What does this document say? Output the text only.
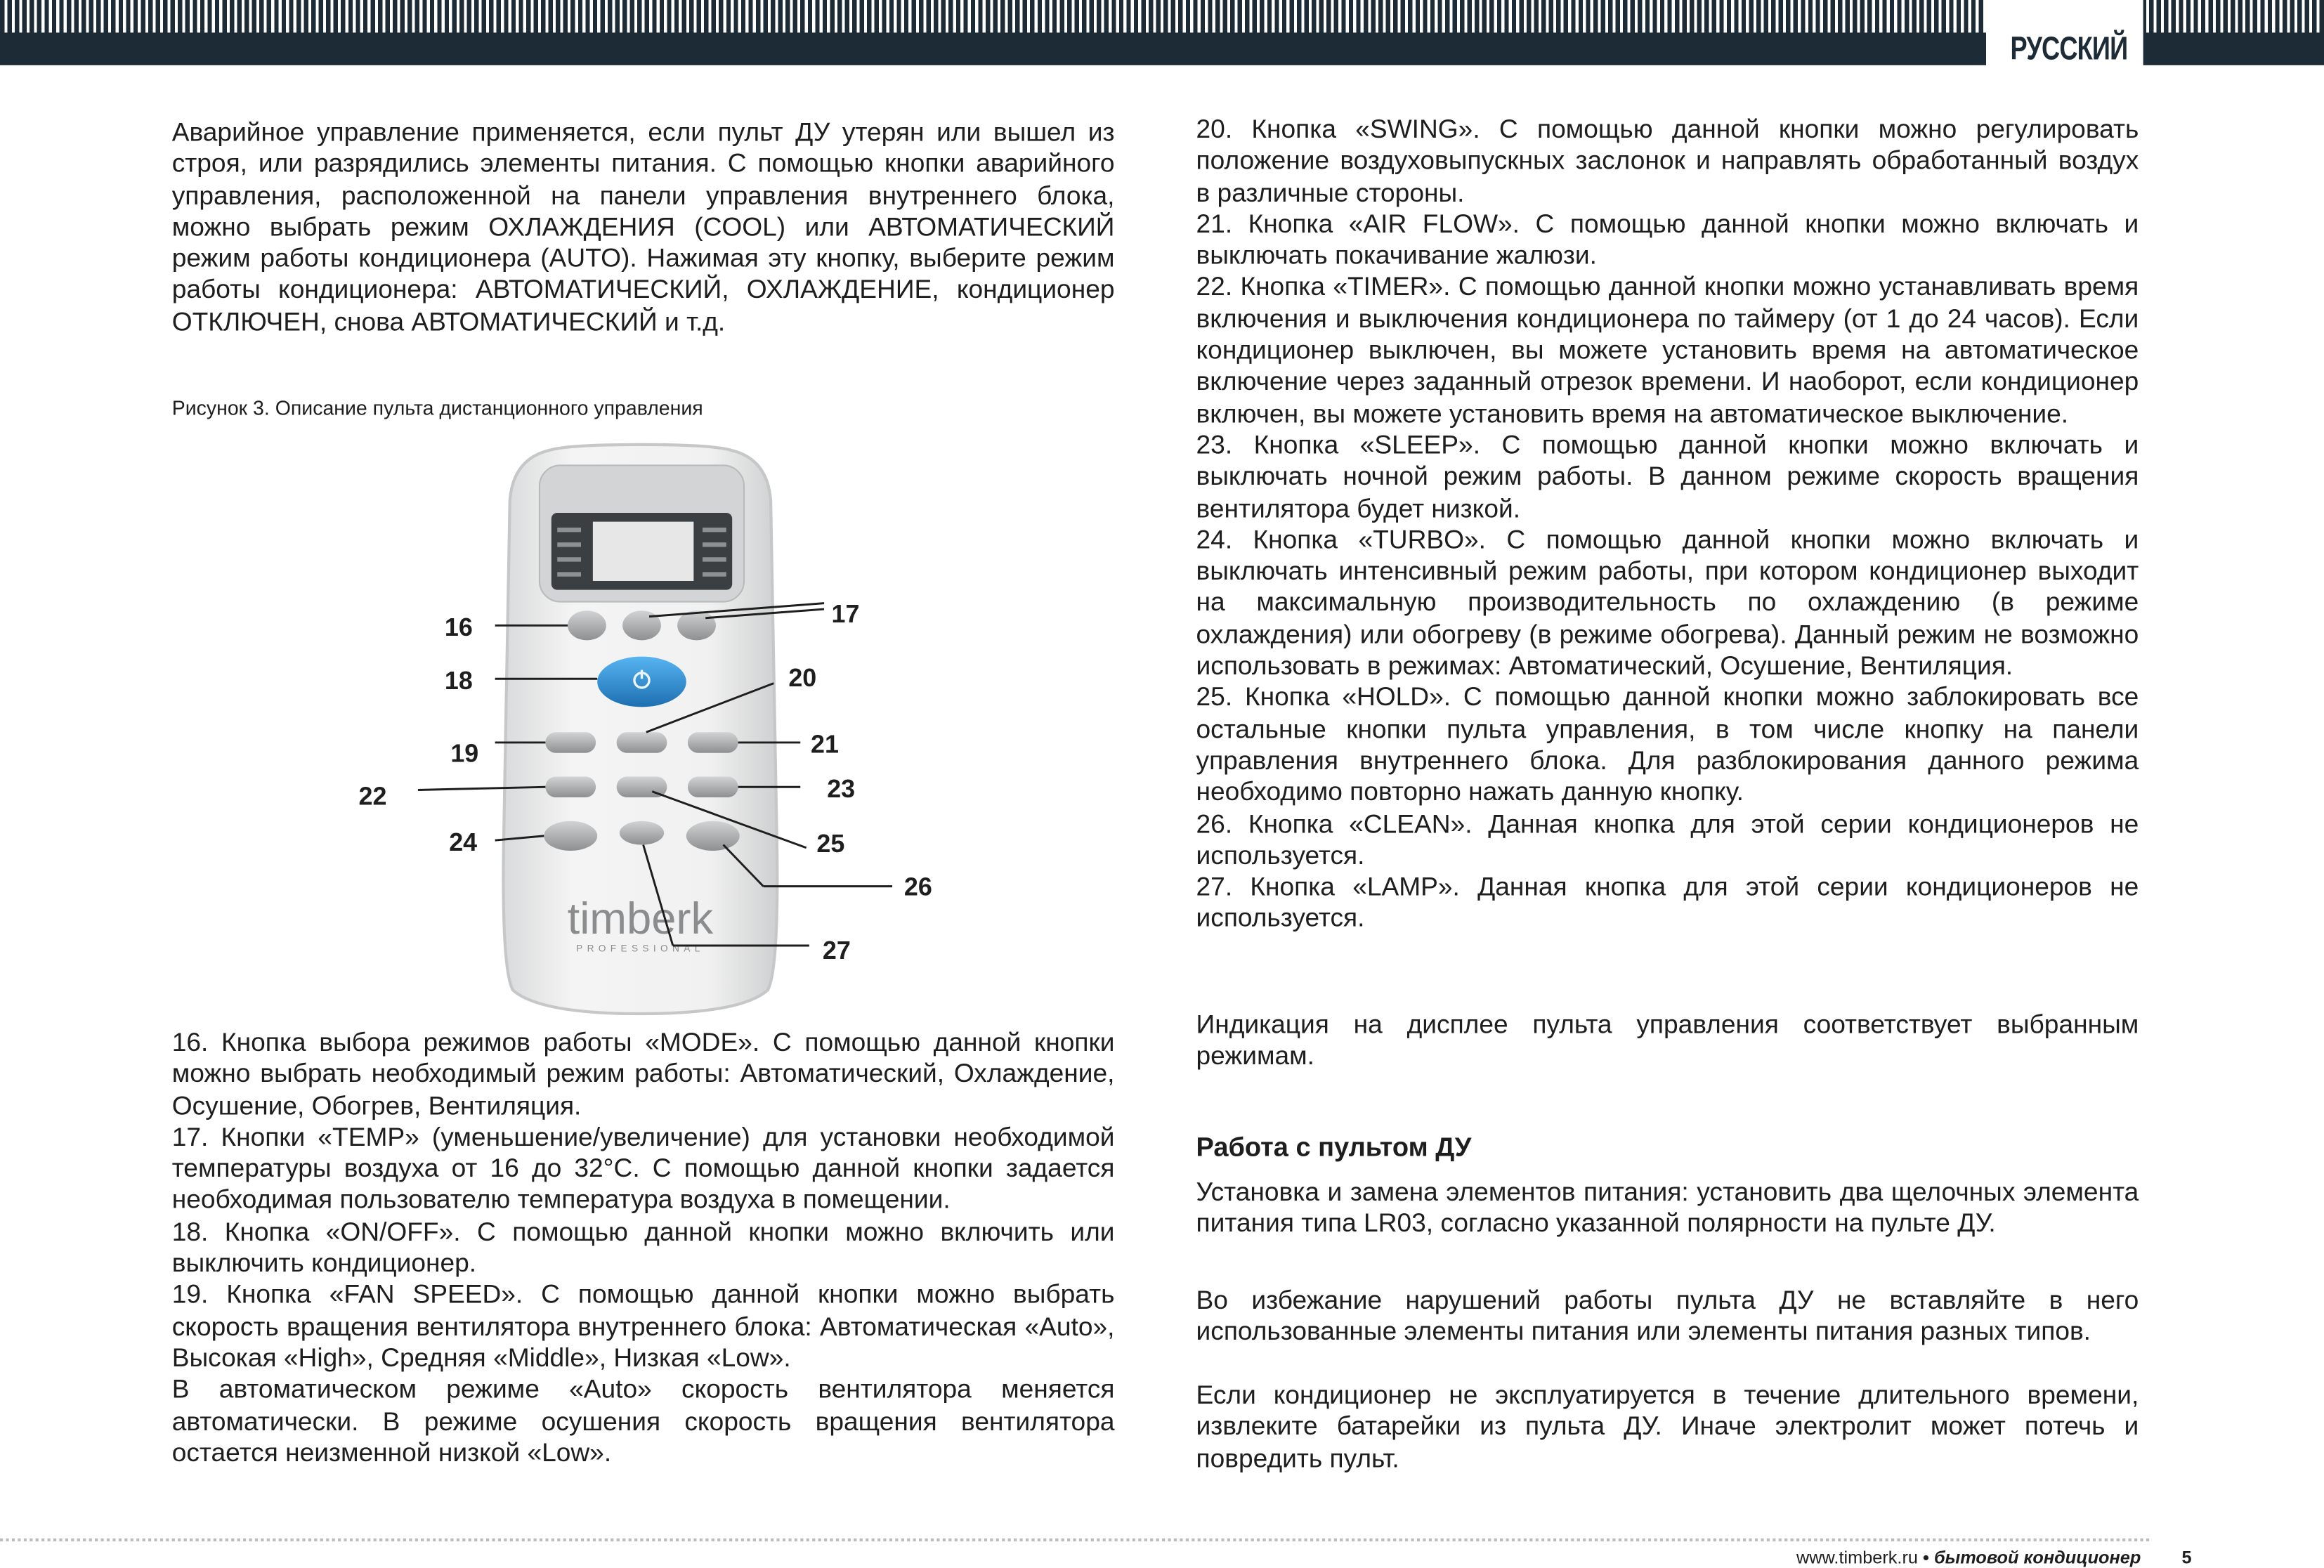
РУССКИЙ

Аварийное управление применяется, если пульт ДУ утерян или вышел из строя, или разрядились элементы питания. С помощью кнопки аварийного управления, расположенной на панели управления внутреннего блока, можно выбрать режим ОХЛАЖДЕНИЯ (COOL) или АВТОМАТИЧЕСКИЙ режим работы кондиционера (AUTO). Нажимая эту кнопку, выберите режим работы кондиционера: АВТОМАТИЧЕСКИЙ, ОХЛАЖДЕНИЕ, кондиционер ОТКЛЮЧЕН, снова АВТОМАТИЧЕСКИЙ и т.д.

Рисунок 3. Описание пульта дистанционного управления
timberk
PROFESSIONAL
16	17
18	20
19	21
22	23
24	25
26
27

16. Кнопка выбора режимов работы «MODE». С помощью данной кнопки можно выбрать необходимый режим работы: Автоматический, Охлаждение, Осушение, Обогрев, Вентиляция.

17. Кнопки «TEMP» (уменьшение/увеличение) для установки необходимой температуры воздуха от 16 до 32°C. С помощью данной кнопки задается необходимая пользователю температура воздуха в помещении.

18. Кнопка «ON/OFF». С помощью данной кнопки можно включить или выключить кондиционер.

19. Кнопка «FAN SPEED». С помощью данной кнопки можно выбрать скорость вращения вентилятора внутреннего блока: Автоматическая «Auto», Высокая «High», Средняя «Middle», Низкая «Low».

В автоматическом режиме «Auto» скорость вентилятора меняется автоматически. В режиме осушения скорость вращения вентилятора остается неизменной низкой «Low».

20. Кнопка «SWING». С помощью данной кнопки можно регулировать положение воздуховыпускных заслонок и направлять обработанный воздух в различные стороны.

21. Кнопка «AIR FLOW». С помощью данной кнопки можно включать и выключать покачивание жалюзи.

22. Кнопка «TIMER». С помощью данной кнопки можно устанавливать время включения и выключения кондиционера по таймеру (от 1 до 24 часов). Если кондиционер выключен, вы можете установить время на автоматическое включение через заданный отрезок времени. И наоборот, если кондиционер включен, вы можете установить время на автоматическое выключение.

23. Кнопка «SLEEP». С помощью данной кнопки можно включать и выключать ночной режим работы. В данном режиме скорость вращения вентилятора будет низкой.

24. Кнопка «TURBO». С помощью данной кнопки можно включать и выключать интенсивный режим работы, при котором кондиционер выходит на максимальную производительность по охлаждению (в режиме охлаждения) или обогреву (в режиме обогрева). Данный режим не возможно использовать в режимах: Автоматический, Осушение, Вентиляция.

25. Кнопка «HOLD». С помощью данной кнопки можно заблокировать все остальные кнопки пульта управления, в том числе кнопку на панели управления внутреннего блока. Для разблокирования данного режима необходимо повторно нажать данную кнопку.

26. Кнопка «CLEAN». Данная кнопка для этой серии кондиционеров не используется.

27. Кнопка «LAMP». Данная кнопка для этой серии кондиционеров не используется.

Индикация на дисплее пульта управления соответствует выбранным режимам.

Работа с пультом ДУ

Установка и замена элементов питания: установить два щелочных элемента питания типа LR03, согласно указанной полярности на пульте ДУ.

Во избежание нарушений работы пульта ДУ не вставляйте в него использованные элементы питания или элементы питания разных типов.

Если кондиционер не эксплуатируется в течение длительного времени, извлеките батарейки из пульта ДУ. Иначе электролит может потечь и повредить пульт.

www.timberk.ru • бытовой кондиционер	5
